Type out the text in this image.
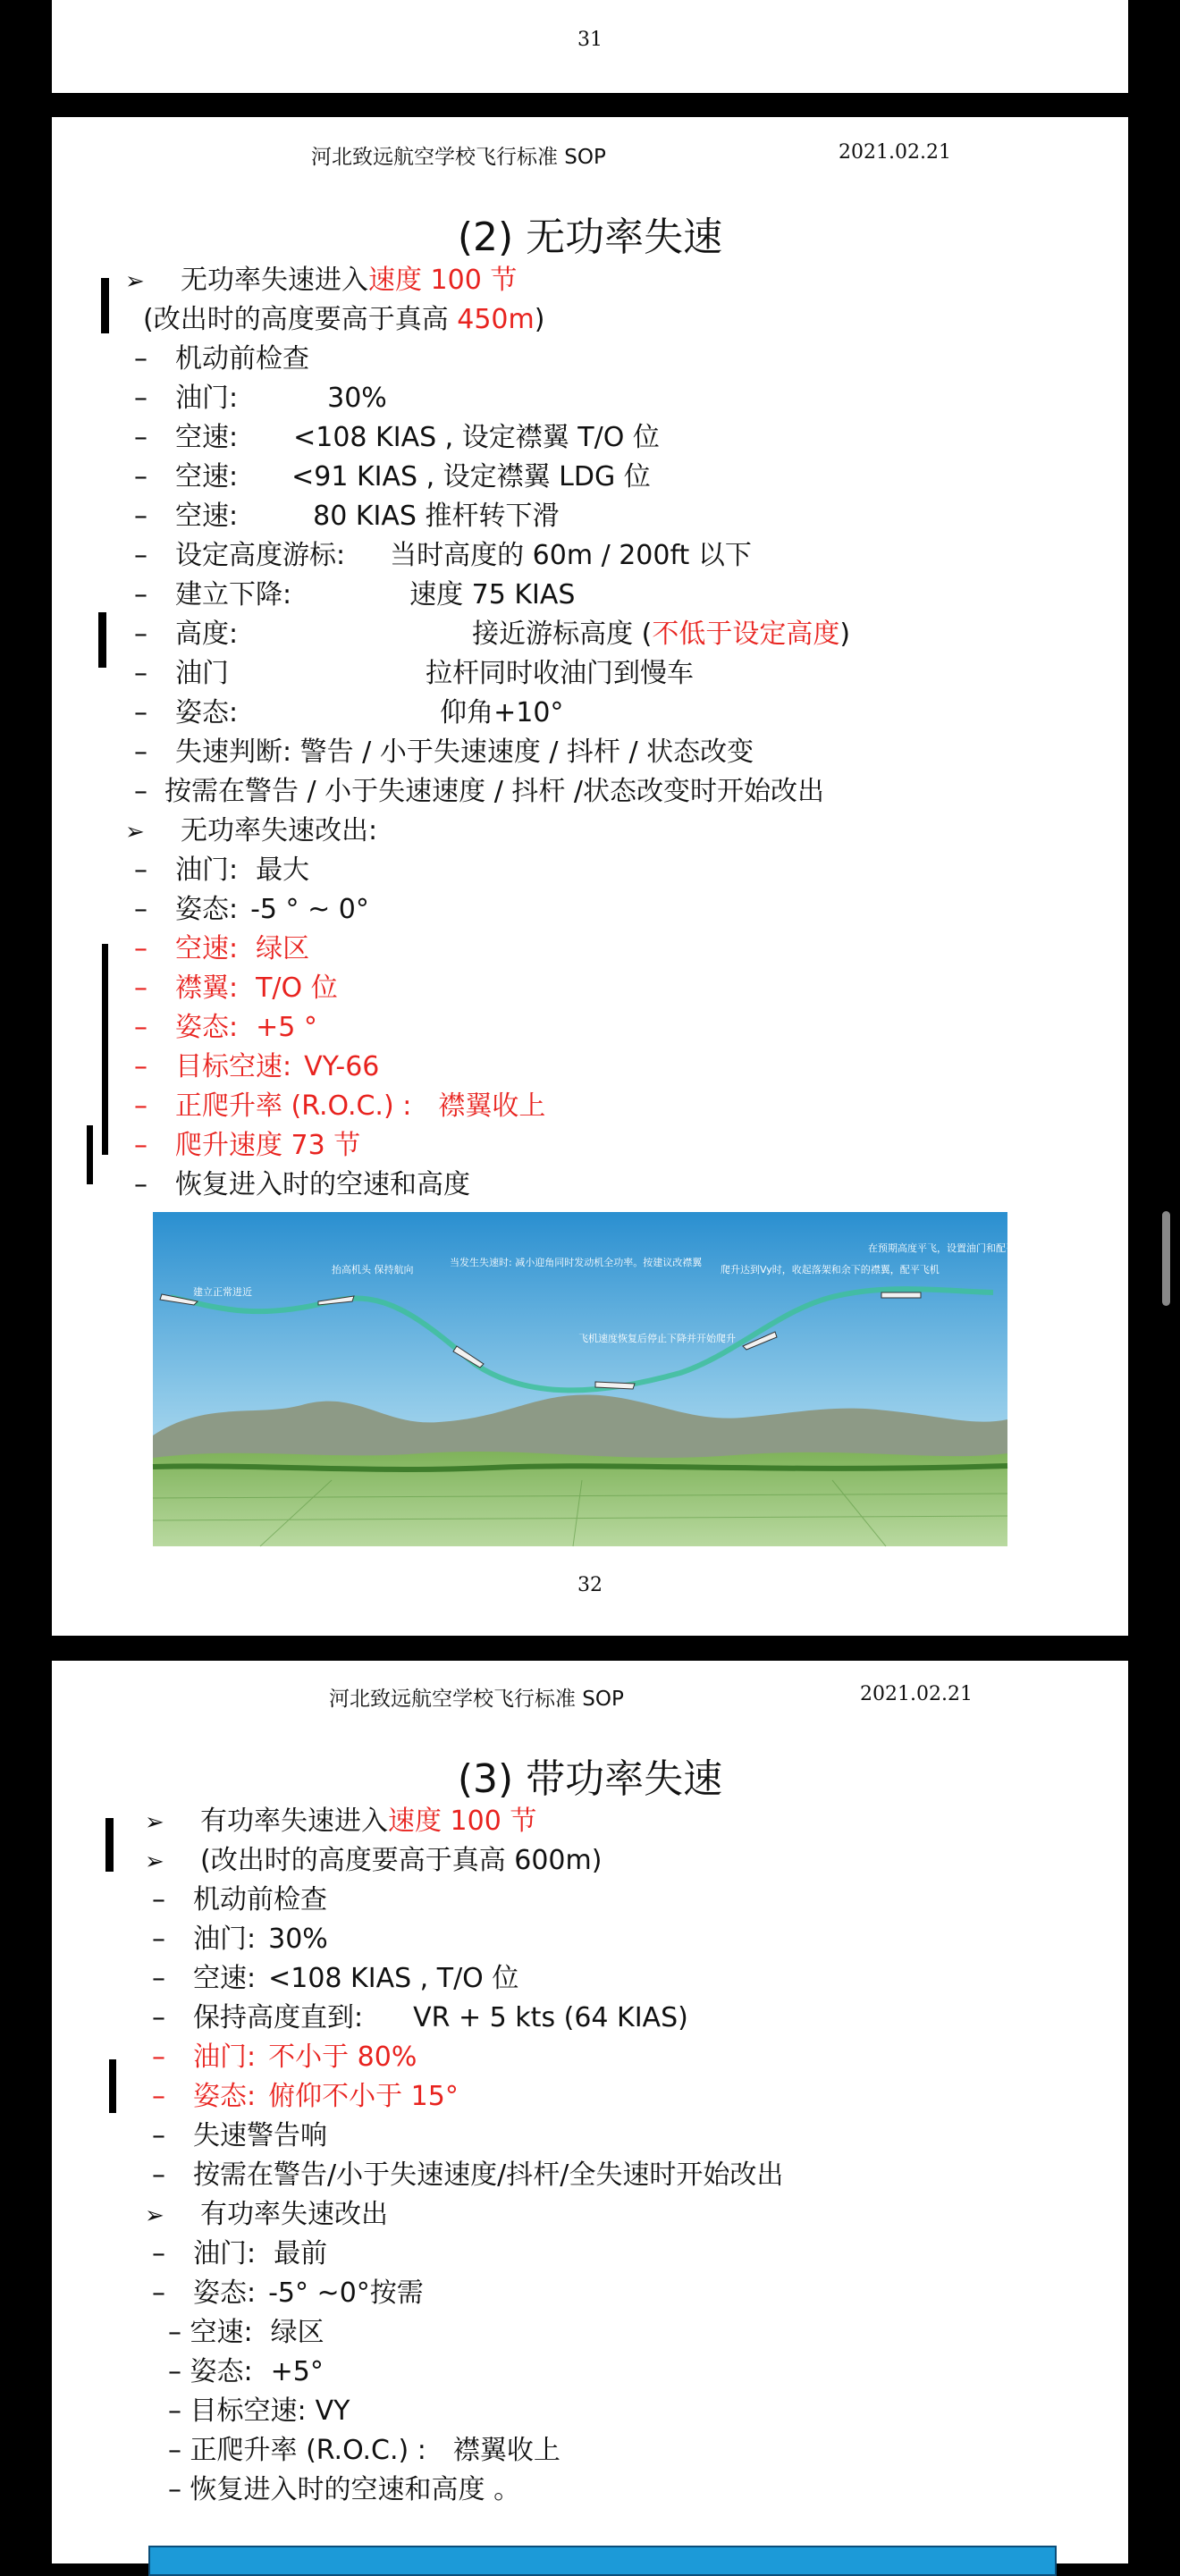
31
河北致远航空学校飞行标准 SOP	2021.02.21
(2) 无功率失速
➢ 无功率失速进入速度 100 节
(改出时的高度要高于真高 450m)
– 机动前检查
– 油门:	30%
– 空速: <108 KIAS , 设定襟翼 T/O 位
– 空速: <91 KIAS , 设定襟翼 LDG 位
– 空速:	80 KIAS 推杆转下滑
– 设定高度游标: 当时高度的 60m / 200ft 以下
– 建立下降:	速度 75 KIAS
– 高度:	接近游标高度 (不低于设定高度)
– 油门	拉杆同时收油门到慢车
– 姿态:	仰角+10°
– 失速判断: 警告 / 小于失速速度 / 抖杆 / 状态改变
– 按需在警告 / 小于失速速度 / 抖杆 /状态改变时开始改出
➢ 无功率失速改出:
– 油门: 最大
– 姿态: -5 ° ~ 0°
– 空速: 绿区
– 襟翼: T/O 位
– 姿态: +5 °
– 目标空速: VY-66
– 正爬升率 (R.O.C.) : 襟翼收上
– 爬升速度 73 节
– 恢复进入时的空速和高度
建立正常进近
抬高机头 保持航向
当发生失速时: 减小迎角同时发动机全功率。按建议改襟翼
飞机速度恢复后停止下降并开始爬升
爬升达到Vy时，收起落架和余下的襟翼，配平飞机
在预期高度平飞，设置油门和配平飞机
32
河北致远航空学校飞行标准 SOP	2021.02.21
(3) 带功率失速
➢ 有功率失速进入速度 100 节
➢ (改出时的高度要高于真高 600m)
– 机动前检查
– 油门: 30%
– 空速: <108 KIAS , T/O 位
– 保持高度直到: VR + 5 kts (64 KIAS)
– 油门: 不小于 80%
– 姿态: 俯仰不小于 15°
– 失速警告响
– 按需在警告/小于失速速度/抖杆/全失速时开始改出
➢ 有功率失速改出
– 油门: 最前
– 姿态: -5° ~0°按需
– 空速: 绿区
– 姿态: +5°
– 目标空速: VY
– 正爬升率 (R.O.C.) : 襟翼收上
– 恢复进入时的空速和高度 。
